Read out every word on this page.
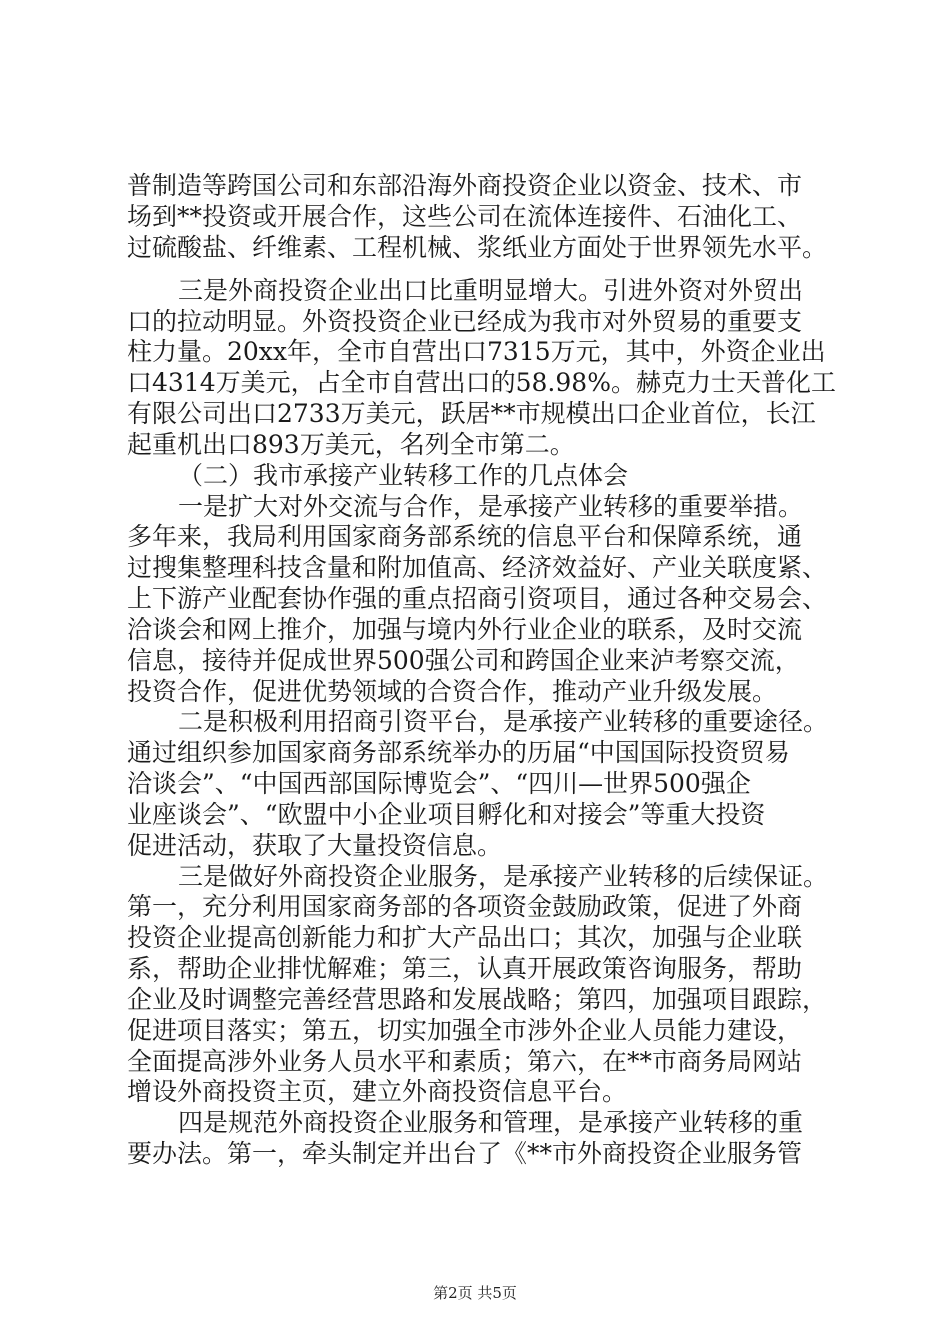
普制造等跨国公司和东部沿海外商投资企业以资金、技术、市
场到**投资或开展合作，这些公司在流体连接件、石油化工、
过硫酸盐、纤维素、工程机械、浆纸业方面处于世界领先水平。
三是外商投资企业出口比重明显增大。引进外资对外贸出
口的拉动明显。外资投资企业已经成为我市对外贸易的重要支
柱力量。20xx年，全市自营出口7315万元，其中，外资企业出
口4314万美元，占全市自营出口的58.98%。赫克力士天普化工
有限公司出口2733万美元，跃居**市规模出口企业首位，长江
起重机出口893万美元，名列全市第二。
（二）我市承接产业转移工作的几点体会
一是扩大对外交流与合作，是承接产业转移的重要举措。
多年来，我局利用国家商务部系统的信息平台和保障系统，通
过搜集整理科技含量和附加值高、经济效益好、产业关联度紧、
上下游产业配套协作强的重点招商引资项目，通过各种交易会、
洽谈会和网上推介，加强与境内外行业企业的联系，及时交流
信息，接待并促成世界500强公司和跨国企业来泸考察交流，
投资合作，促进优势领域的合资合作，推动产业升级发展。
二是积极利用招商引资平台，是承接产业转移的重要途径。
通过组织参加国家商务部系统举办的历届“中国国际投资贸易
洽谈会”、“中国西部国际博览会”、“四川—世界500强企
业座谈会”、“欧盟中小企业项目孵化和对接会”等重大投资
促进活动，获取了大量投资信息。
三是做好外商投资企业服务，是承接产业转移的后续保证。
第一，充分利用国家商务部的各项资金鼓励政策，促进了外商
投资企业提高创新能力和扩大产品出口；其次，加强与企业联
系，帮助企业排忧解难；第三，认真开展政策咨询服务，帮助
企业及时调整完善经营思路和发展战略；第四，加强项目跟踪，
促进项目落实；第五，切实加强全市涉外企业人员能力建设，
全面提高涉外业务人员水平和素质；第六，在**市商务局网站
增设外商投资主页，建立外商投资信息平台。
四是规范外商投资企业服务和管理，是承接产业转移的重
要办法。第一，牵头制定并出台了《**市外商投资企业服务管
第2页 共5页
